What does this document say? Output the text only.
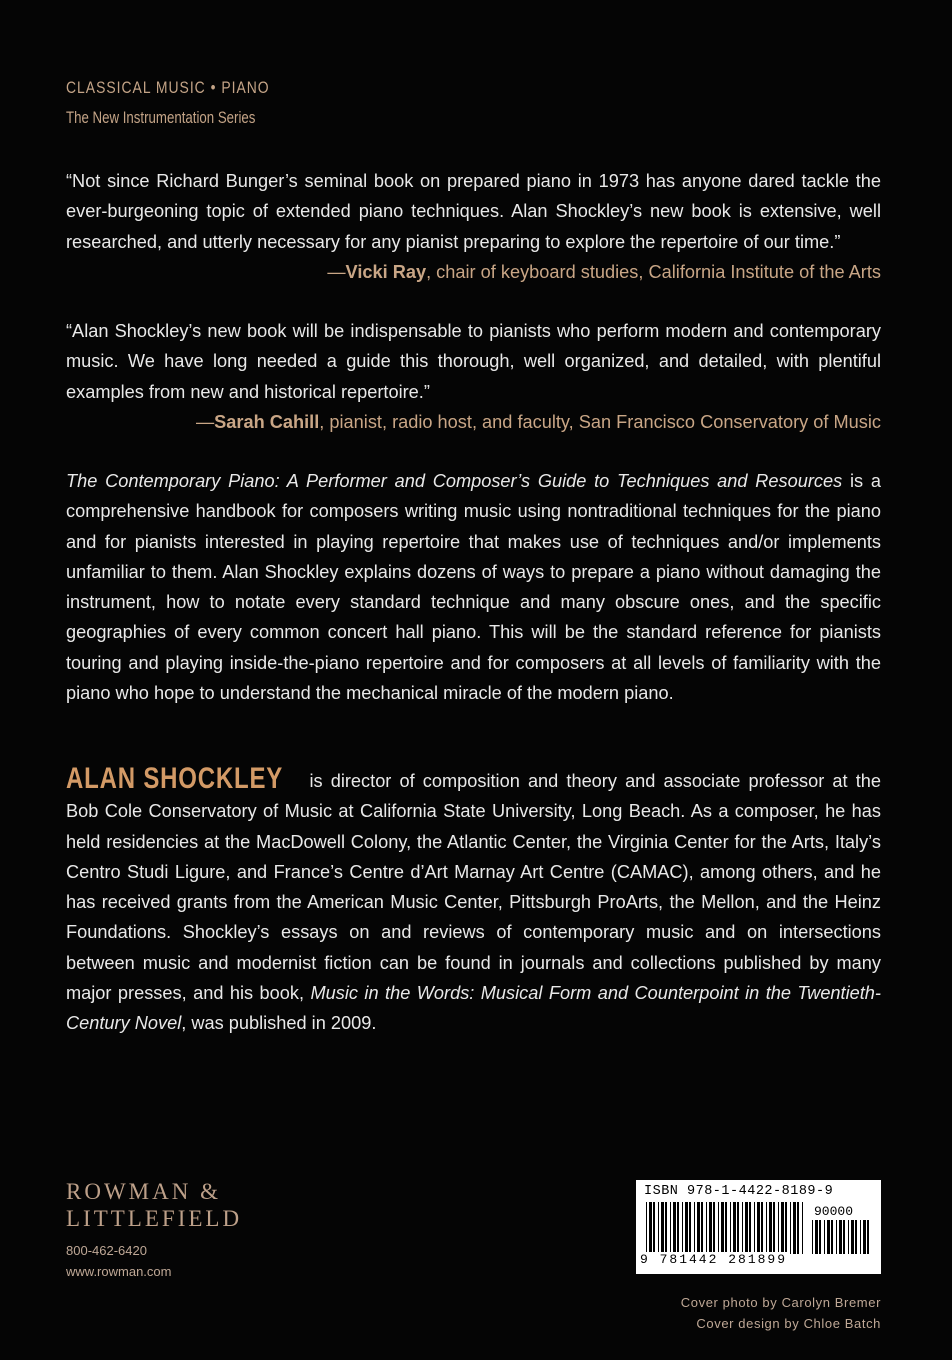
CLASSICAL MUSIC • PIANO
The New Instrumentation Series

“Not since Richard Bunger’s seminal book on prepared piano in 1973 has anyone dared tackle the ever-burgeoning topic of extended piano techniques. Alan Shockley’s new book is extensive, well researched, and utterly necessary for any pianist preparing to explore the repertoire of our time.”

—Vicki Ray, chair of keyboard studies, California Institute of the Arts

“Alan Shockley’s new book will be indispensable to pianists who perform modern and contemporary music. We have long needed a guide this thorough, well organized, and detailed, with plentiful examples from new and historical repertoire.”

—Sarah Cahill, pianist, radio host, and faculty, San Francisco Conservatory of Music

The Contemporary Piano: A Performer and Composer’s Guide to Techniques and Resources is a comprehensive handbook for composers writing music using nontraditional techniques for the piano and for pianists interested in playing repertoire that makes use of techniques and/or implements unfamiliar to them. Alan Shockley explains dozens of ways to prepare a piano without damaging the instrument, how to notate every standard technique and many obscure ones, and the specific geographies of every common concert hall piano. This will be the standard reference for pianists touring and playing inside-the-piano repertoire and for composers at all levels of familiarity with the piano who hope to understand the mechanical miracle of the modern piano.

ALAN SHOCKLEY is director of composition and theory and associate professor at the Bob Cole Conservatory of Music at California State University, Long Beach. As a composer, he has held residencies at the MacDowell Colony, the Atlantic Center, the Virginia Center for the Arts, Italy’s Centro Studi Ligure, and France’s Centre d’Art Marnay Art Centre (CAMAC), among others, and he has received grants from the American Music Center, Pittsburgh ProArts, the Mellon, and the Heinz Foundations. Shockley’s essays on and reviews of contemporary music and on intersections between music and modernist fiction can be found in journals and collections published by many major presses, and his book, Music in the Words: Musical Form and Counterpoint in the Twentieth-Century Novel, was published in 2009.

ROWMAN &
LITTLEFIELD
800-462-6420
www.rowman.com
ISBN 978-1-4422-8189-9
90000
9 781442 281899
Cover photo by Carolyn Bremer
Cover design by Chloe Batch
